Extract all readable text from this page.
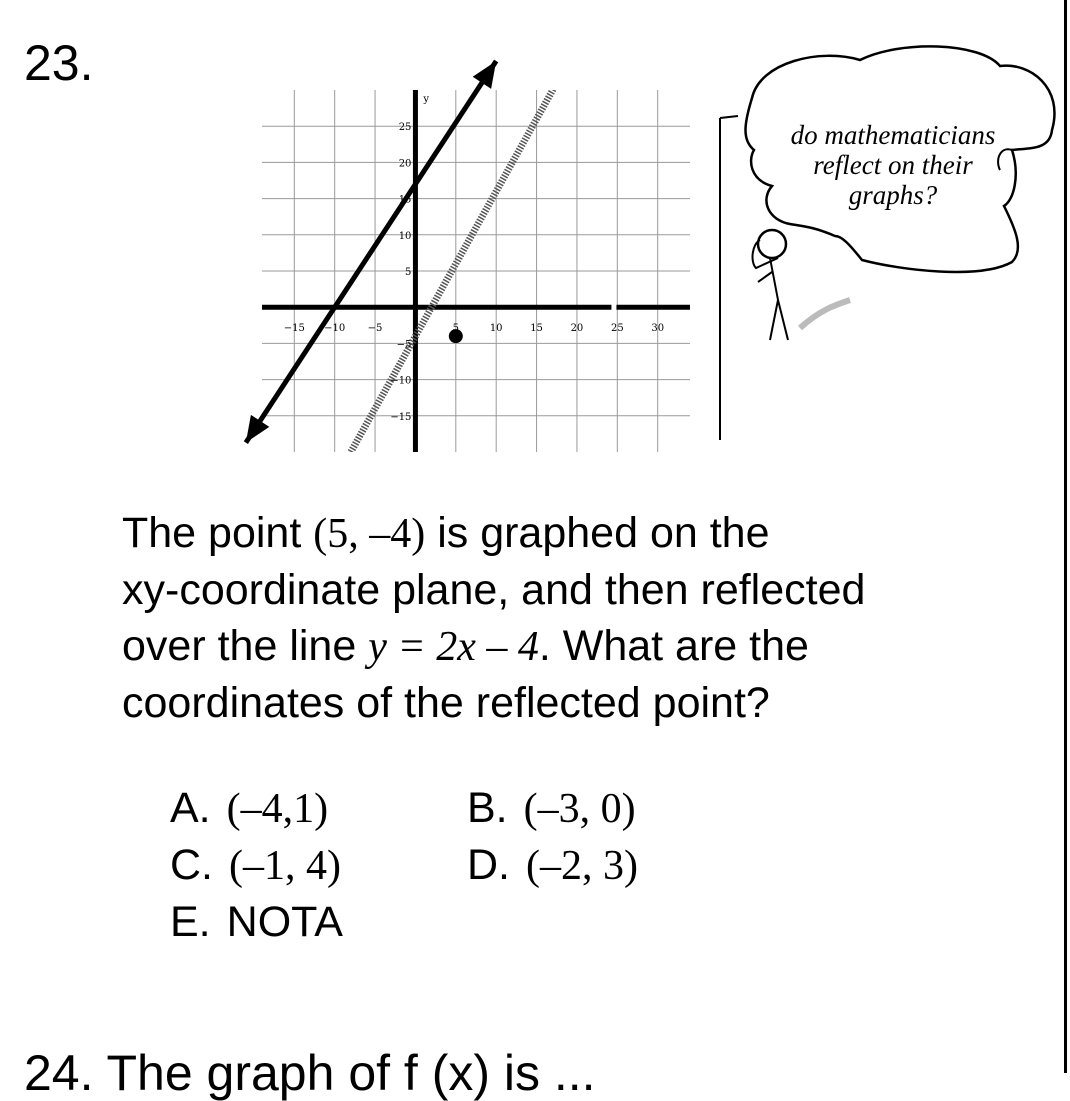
23.
y
−15 −10 −5	5	10	15	20	25	30
25
20
15
10
5
−5
−10
−15
do mathematicians
reflect on their
graphs?
The point (5, –4) is graphed on the
xy-coordinate plane, and then reflected
over the line y = 2x – 4. What are the
coordinates of the reflected point?
A. (–4,1)	B. (–3, 0)
C. (–1, 4)	D. (–2, 3)
E. NOTA
24. The graph of f (x) is ...
